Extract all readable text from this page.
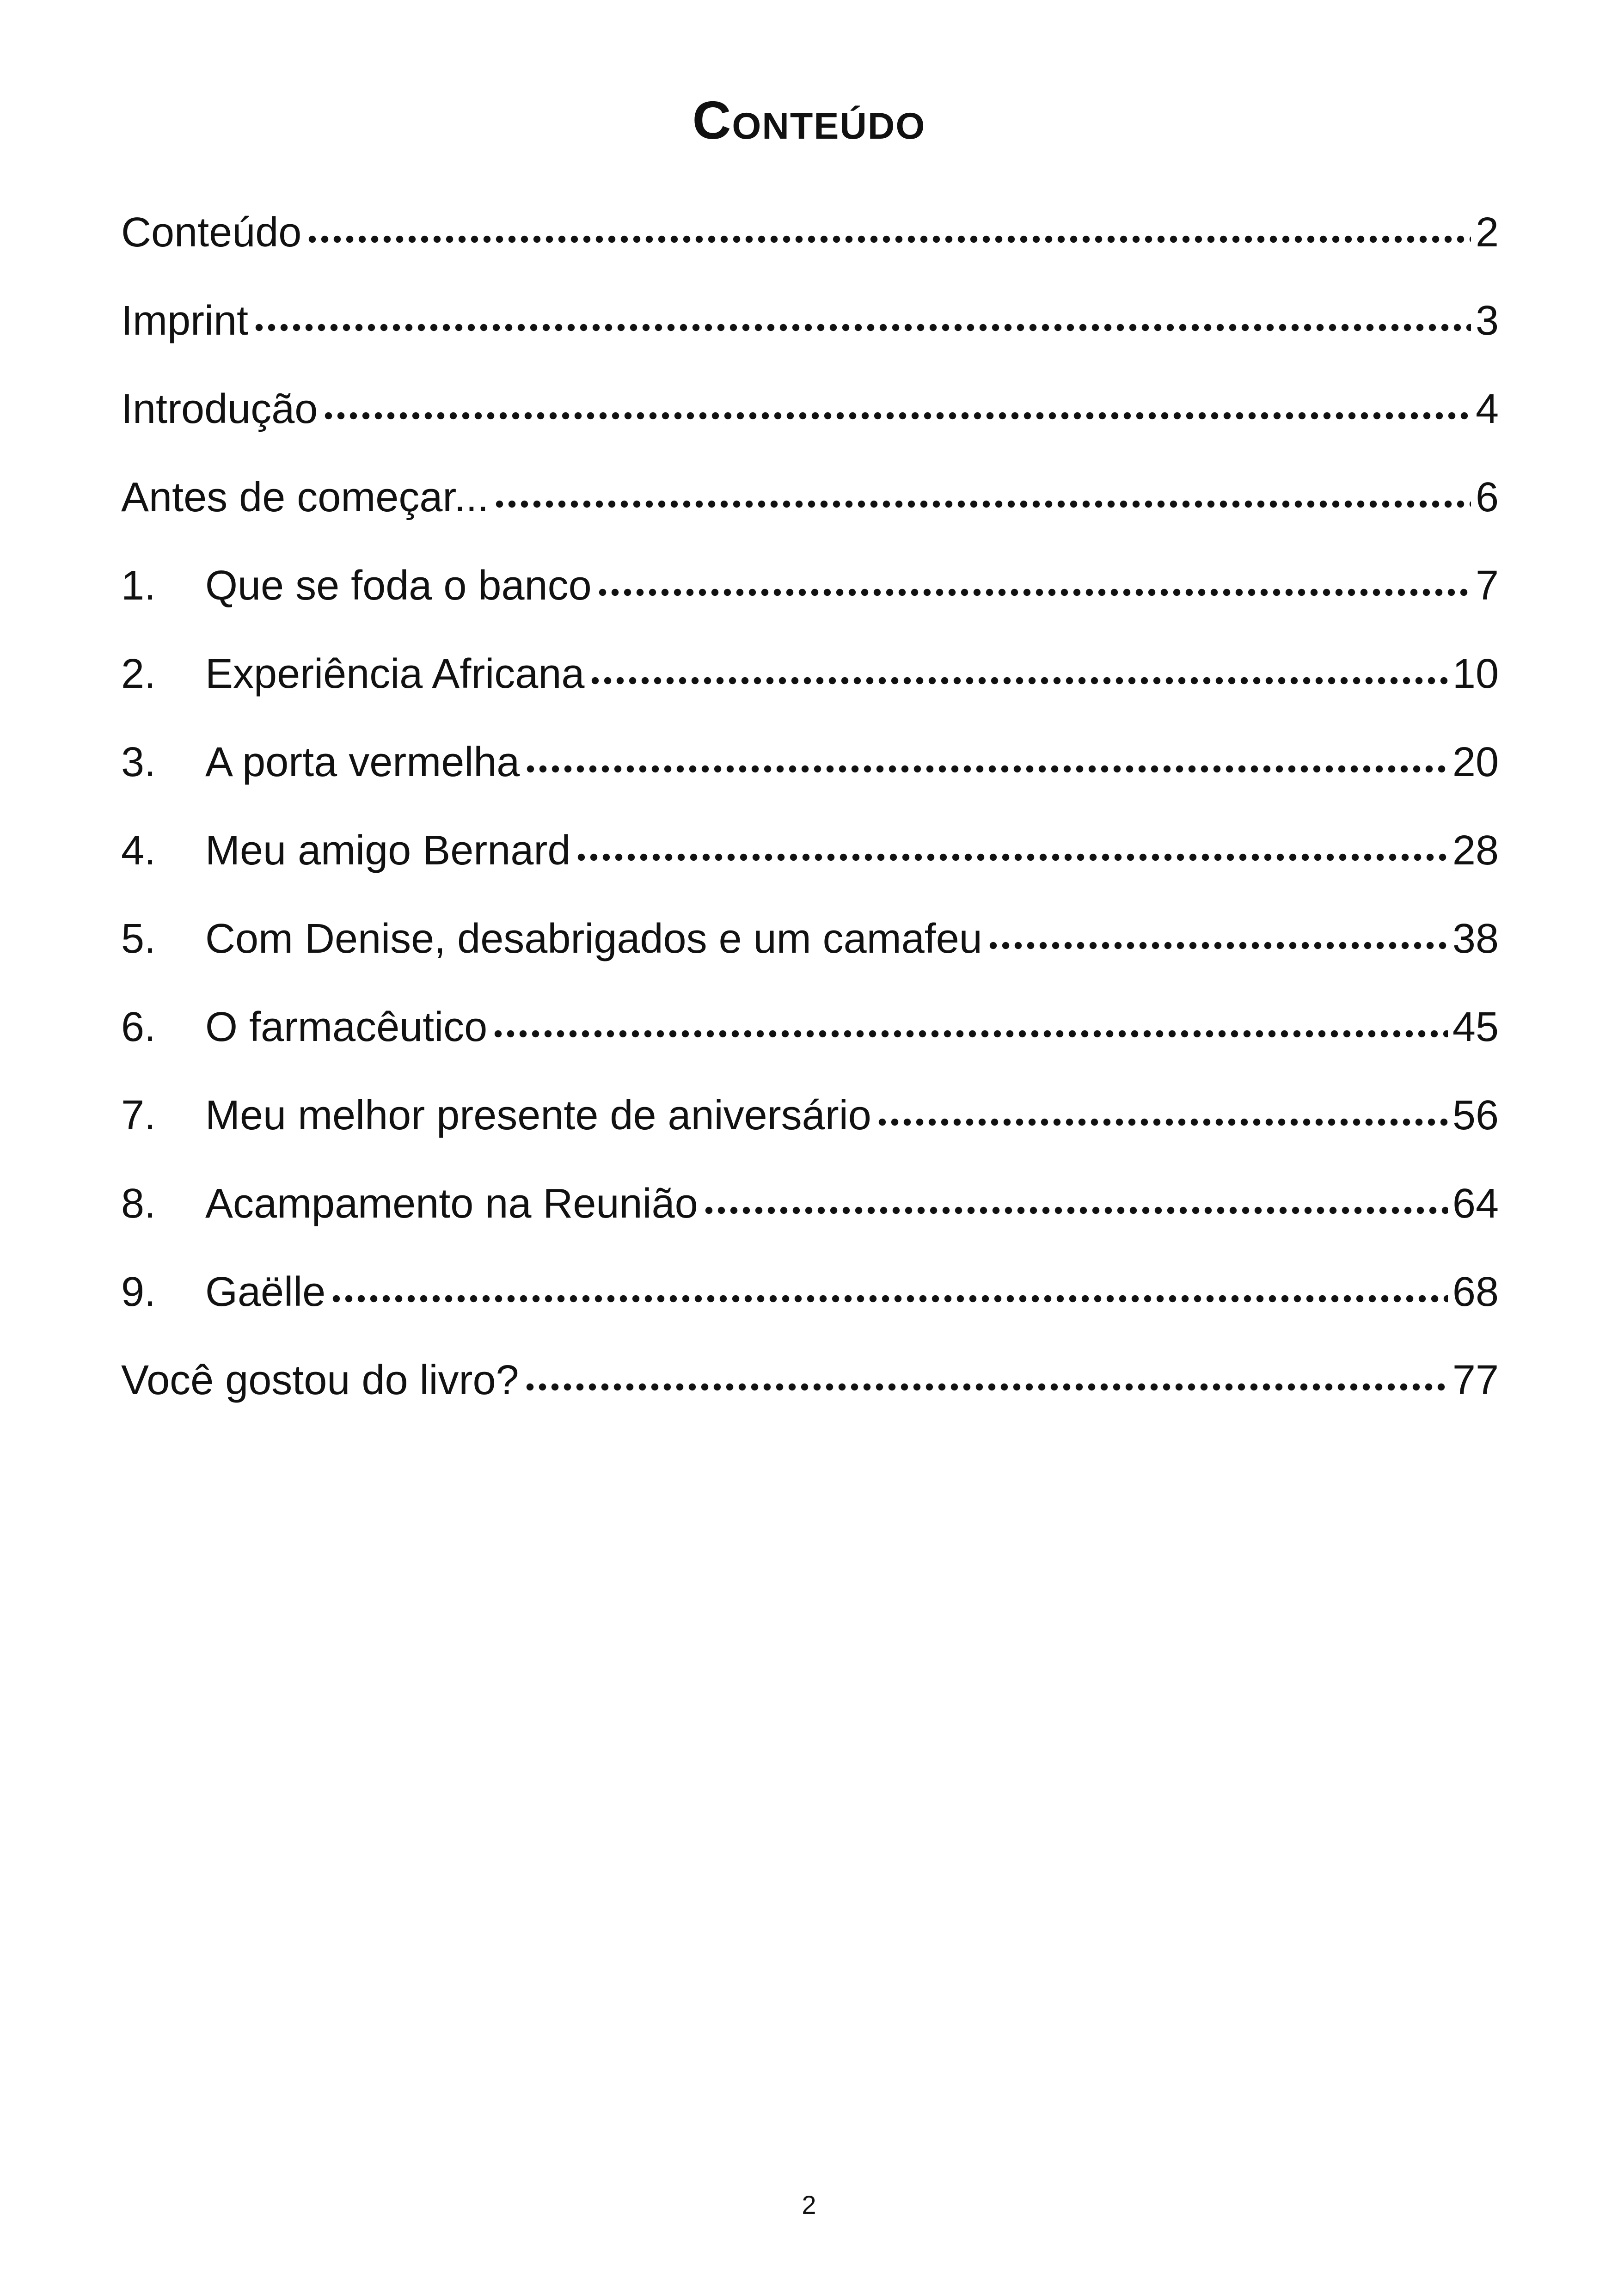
Conteúdo
Conteúdo	2
Imprint	3
Introdução	4
Antes de começar...	6
1.	Que se foda o banco	7
2.	Experiência Africana	10
3.	A porta vermelha	20
4.	Meu amigo Bernard	28
5.	Com Denise, desabrigados e um camafeu	38
6.	O farmacêutico	45
7.	Meu melhor presente de aniversário	56
8.	Acampamento na Reunião	64
9.	Gaëlle	68
Você gostou do livro?	77
2
